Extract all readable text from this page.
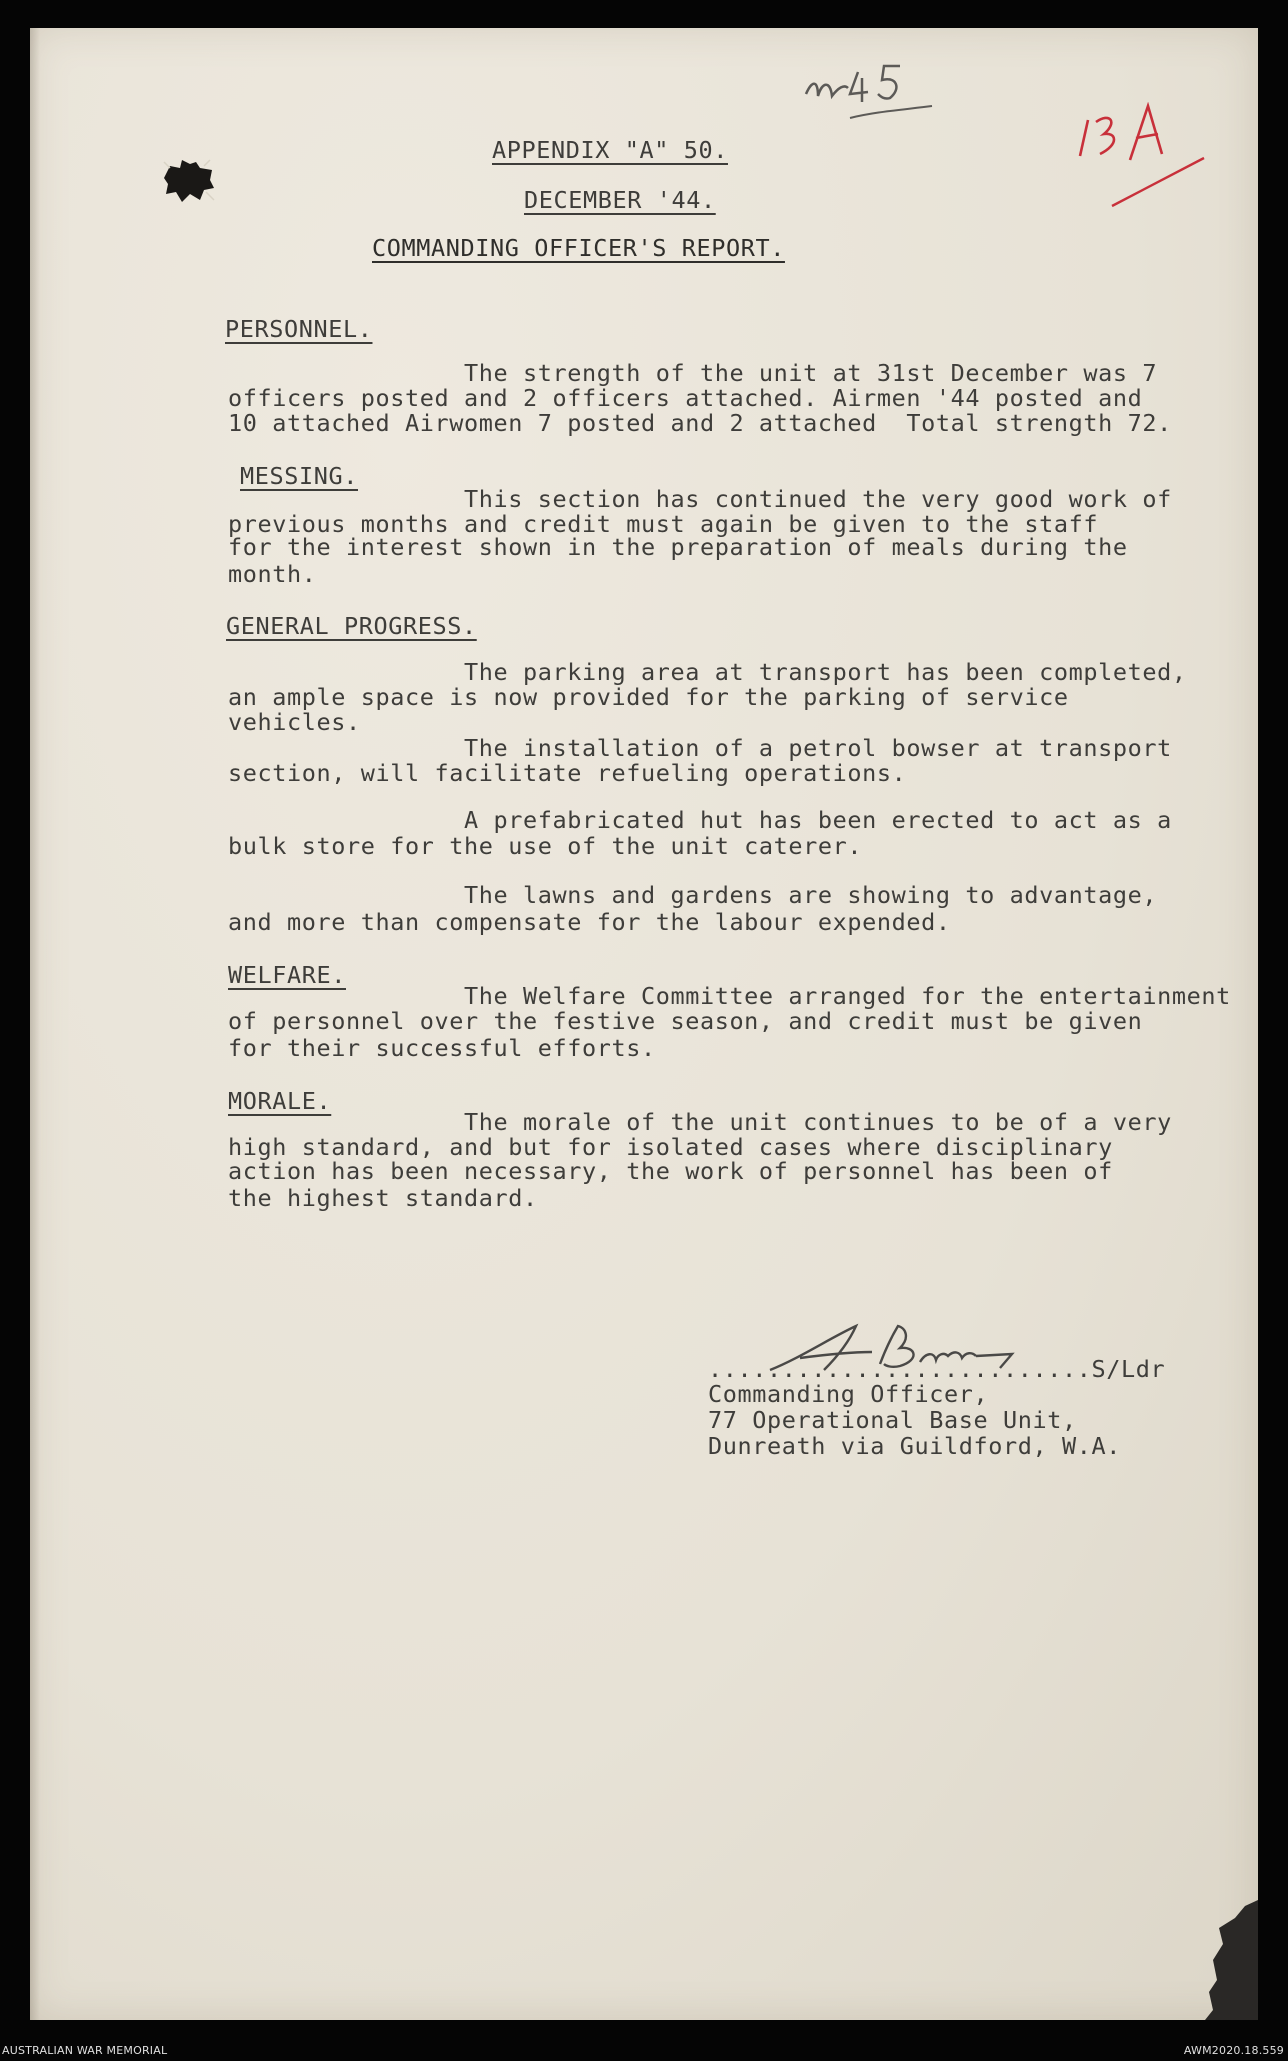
APPENDIX "A" 50.
DECEMBER '44.
COMMANDING OFFICER'S REPORT.
PERSONNEL.
The strength of the unit at 31st December was 7
officers posted and 2 officers attached. Airmen '44 posted and
10 attached Airwomen 7 posted and 2 attached  Total strength 72.
MESSING.
This section has continued the very good work of
previous months and credit must again be given to the staff
for the interest shown in the preparation of meals during the
month.
GENERAL PROGRESS.
The parking area at transport has been completed,
an ample space is now provided for the parking of service
vehicles.
The installation of a petrol bowser at transport
section, will facilitate refueling operations.
A prefabricated hut has been erected to act as a
bulk store for the use of the unit caterer.
The lawns and gardens are showing to advantage,
and more than compensate for the labour expended.
WELFARE.
The Welfare Committee arranged for the entertainment
of personnel over the festive season, and credit must be given
for their successful efforts.
MORALE.
The morale of the unit continues to be of a very
high standard, and but for isolated cases where disciplinary
action has been necessary, the work of personnel has been of
the highest standard.
..........................S/Ldr
Commanding Officer,
77 Operational Base Unit,
Dunreath via Guildford, W.A.
AUSTRALIAN WAR MEMORIAL	AWM2020.18.559
